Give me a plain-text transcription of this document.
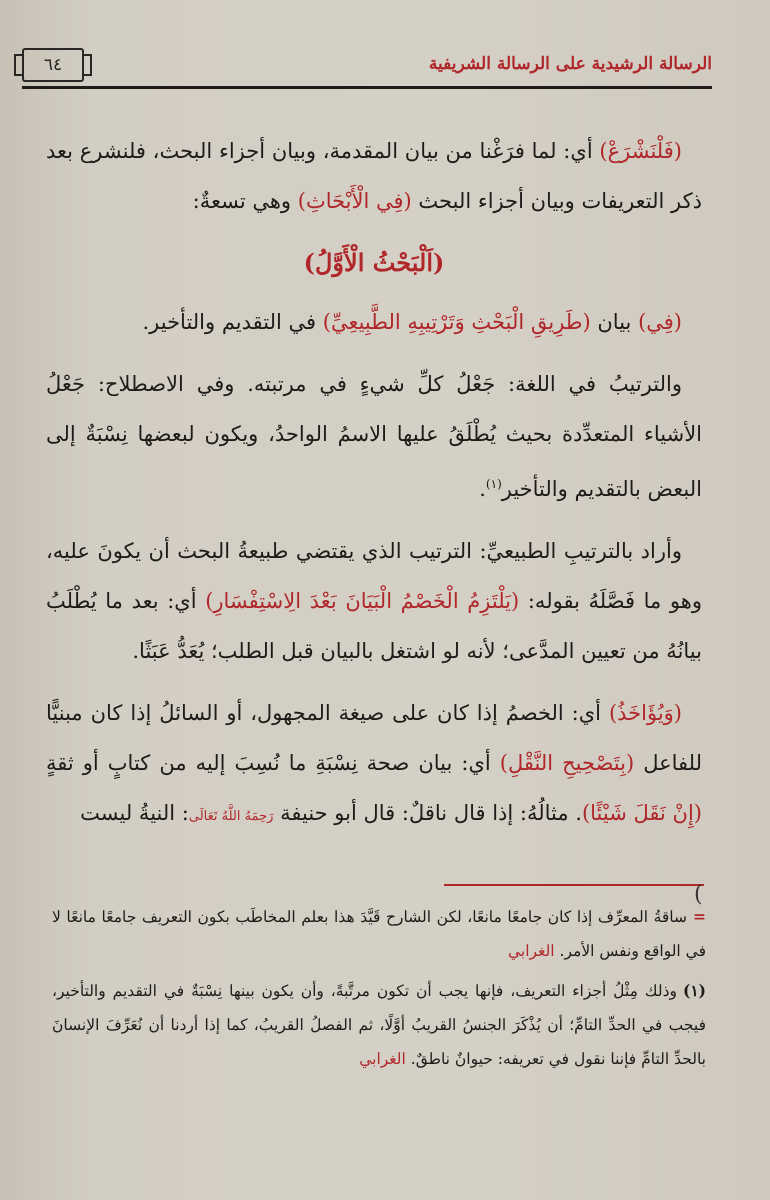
٦٤	الرسالة الرشيدية على الرسالة الشريفية

(فَلْنَشْرَعْ) أي: لما فرَغْنا من بيان المقدمة، وبيان أجزاء البحث، فلنشرع بعد ذكر التعريفات وبيان أجزاء البحث (فِي الْأَبْحَاثِ) وهي تسعةٌ:

(اَلْبَحْثُ الْأَوَّلُ)

(فِي) بيان (طَرِيقِ الْبَحْثِ وَتَرْتِيبِهِ الطَّبِيعِيِّ) في التقديم والتأخير.

والترتيبُ في اللغة: جَعْلُ كلِّ شيءٍ في مرتبته. وفي الاصطلاح: جَعْلُ الأشياء المتعدِّدة بحيث يُطْلَقُ عليها الاسمُ الواحدُ، ويكون لبعضها نِسْبَةٌ إلى البعض بالتقديم والتأخير$^{(١)}$.

وأراد بالترتيبِ الطبيعيِّ: الترتيب الذي يقتضي طبيعةُ البحث أن يكونَ عليه، وهو ما فَصَّلَهُ بقوله: (يَلْتَزِمُ الْخَصْمُ الْبَيَانَ بَعْدَ الِاسْتِفْسَارِ) أي: بعد ما يُطْلَبُ بيانُهُ من تعيين المدَّعى؛ لأنه لو اشتغل بالبيان قبل الطلب؛ يُعَدُّ عَبَثًا.

(وَيُؤَاخَذُ) أي: الخصمُ إذا كان على صيغة المجهول، أو السائلُ إذا كان مبنيًّا للفاعل (بِتَصْحِيحِ النَّقْلِ) أي: بيان صحة نِسْبَةِ ما نُسِبَ إليه من كتابٍ أو ثقةٍ (إِنْ نَقَلَ شَيْئًا). مثالُهُ: إذا قال ناقلٌ: قال أبو حنيفة رَحِمَهُ اللَّهُ تَعَالَى: النيةُ ليست

(

=ساقةُ المعرِّف إذا كان جامعًا مانعًا، لكن الشارح قَيَّدَ هذا بعلم المخاطَب بكون التعريف جامعًا مانعًا لا في الواقع ونفس الأمر. الغرابي

(١)وذلك مِثْلُ أجزاء التعريف، فإنها يجب أن تكون مرتَّبةً، وأن يكون بينها نِسْبَةٌ في التقديم والتأخير، فيجب في الحدِّ التامِّ؛ أن يُذْكَرَ الجنسُ القريبُ أوَّلًا، ثم الفصلُ القريبُ، كما إذا أردنا أن نُعَرِّفَ الإنسانَ بالحدِّ التامِّ فإننا نقول في تعريفه: حيوانٌ ناطقٌ. الغرابي
